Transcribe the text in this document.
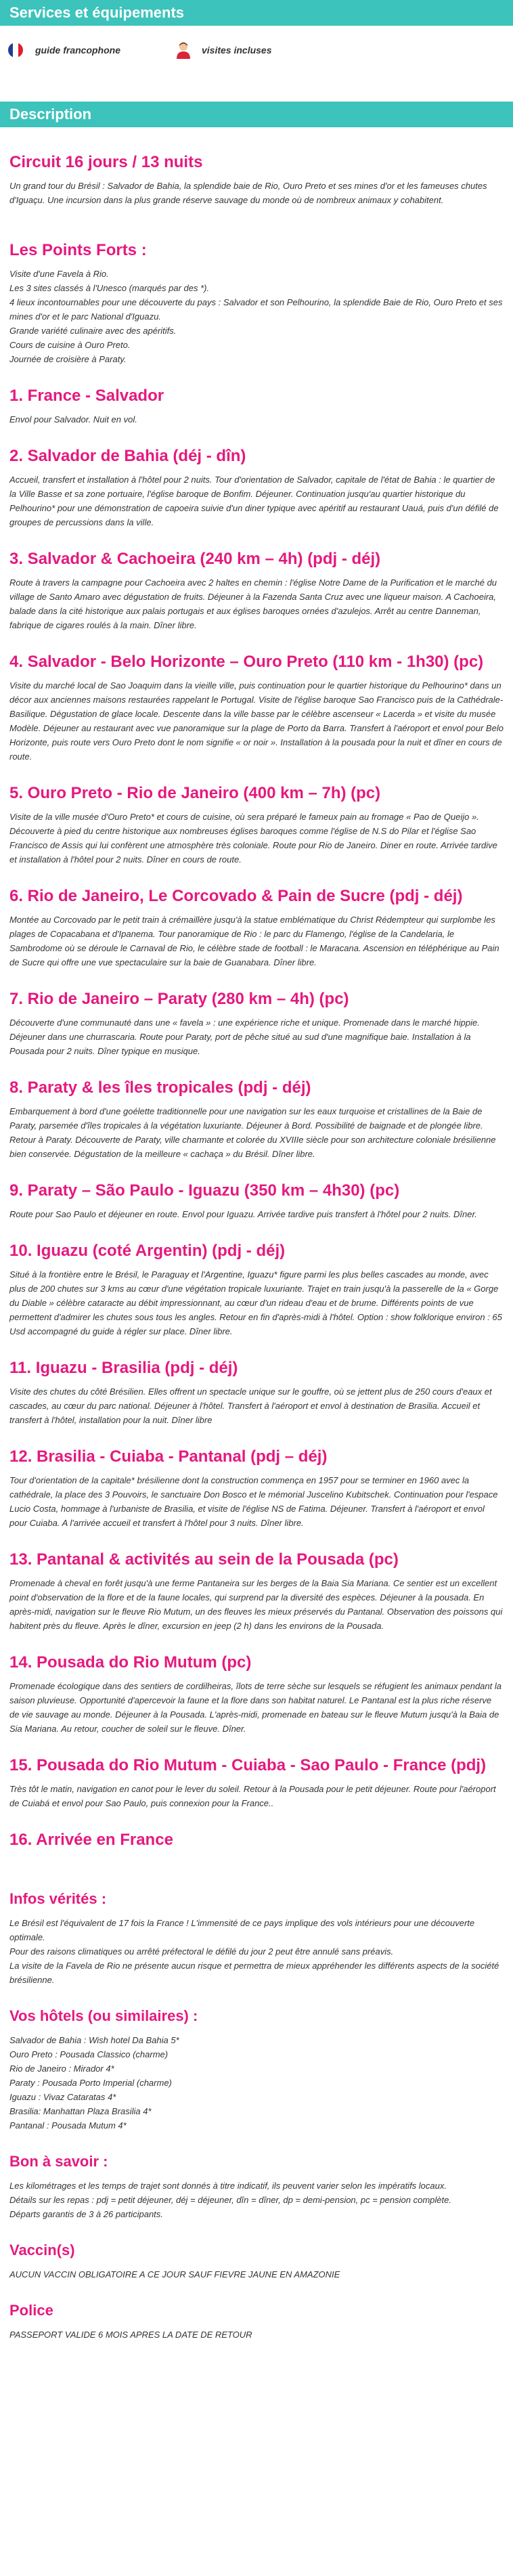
Services et équipements
guide francophone	visites incluses
Description
Circuit 16 jours / 13 nuits

Un grand tour du Brésil : Salvador de Bahia, la splendide baie de Rio, Ouro Preto et ses mines d'or et les fameuses chutes d'Iguaçu. Une incursion dans la plus grande réserve sauvage du monde où de nombreux animaux y cohabitent.

Les Points Forts :

Visite d'une Favela à Rio.
Les 3 sites classés à l'Unesco (marqués par des *).
4 lieux incontournables pour une découverte du pays : Salvador et son Pelhourino, la splendide Baie de Rio, Ouro Preto et ses mines d'or et le parc National d'Iguazu.
Grande variété culinaire avec des apéritifs.
Cours de cuisine à Ouro Preto.
Journée de croisière à Paraty.

1. France - Salvador

Envol pour Salvador. Nuit en vol.

2. Salvador de Bahia (déj - dîn)

Accueil, transfert et installation à l'hôtel pour 2 nuits. Tour d'orientation de Salvador, capitale de l'état de Bahia : le quartier de la Ville Basse et sa zone portuaire, l'église baroque de Bonfim. Déjeuner. Continuation jusqu'au quartier historique du Pelhourino* pour une démonstration de capoeira suivie d'un diner typique avec apéritif au restaurant Uauá, puis d'un défilé de groupes de percussions dans la ville.

3. Salvador & Cachoeira (240 km – 4h) (pdj - déj)

Route à travers la campagne pour Cachoeira avec 2 haltes en chemin : l'église Notre Dame de la Purification et le marché du village de Santo Amaro avec dégustation de fruits. Déjeuner à la Fazenda Santa Cruz avec une liqueur maison. A Cachoeira, balade dans la cité historique aux palais portugais et aux églises baroques ornées d'azulejos. Arrêt au centre Danneman, fabrique de cigares roulés à la main. Dîner libre.

4. Salvador - Belo Horizonte – Ouro Preto (110 km - 1h30) (pc)

Visite du marché local de Sao Joaquim dans la vieille ville, puis continuation pour le quartier historique du Pelhourino* dans un décor aux anciennes maisons restaurées rappelant le Portugal. Visite de l'église baroque Sao Francisco puis de la Cathédrale-Basilique. Dégustation de glace locale. Descente dans la ville basse par le célèbre ascenseur « Lacerda » et visite du musée Modèle. Déjeuner au restaurant avec vue panoramique sur la plage de Porto da Barra. Transfert à l'aéroport et envol pour Belo Horizonte, puis route vers Ouro Preto dont le nom signifie « or noir ». Installation à la pousada pour la nuit et dîner en cours de route.

5. Ouro Preto - Rio de Janeiro (400 km – 7h) (pc)

Visite de la ville musée d'Ouro Preto* et cours de cuisine, où sera préparé le fameux pain au fromage « Pao de Queijo ». Découverte à pied du centre historique aux nombreuses églises baroques comme l'église de N.S do Pilar et l'église Sao Francisco de Assis qui lui confèrent une atmosphère très coloniale. Route pour Rio de Janeiro. Diner en route. Arrivée tardive et installation à l'hôtel pour 2 nuits. Dîner en cours de route.

6. Rio de Janeiro, Le Corcovado & Pain de Sucre (pdj - déj)

Montée au Corcovado par le petit train à crémaillère jusqu'à la statue emblématique du Christ Rédempteur qui surplombe les plages de Copacabana et d'Ipanema. Tour panoramique de Rio : le parc du Flamengo, l'église de la Candelaria, le Sambrodome où se déroule le Carnaval de Rio, le célèbre stade de football : le Maracana. Ascension en téléphérique au Pain de Sucre qui offre une vue spectaculaire sur la baie de Guanabara. Dîner libre.

7. Rio de Janeiro – Paraty (280 km – 4h) (pc)

Découverte d'une communauté dans une « favela » : une expérience riche et unique. Promenade dans le marché hippie. Déjeuner dans une churrascaria. Route pour Paraty, port de pêche situé au sud d'une magnifique baie. Installation à la Pousada pour 2 nuits. Dîner typique en musique.

8. Paraty & les îles tropicales (pdj - déj)

Embarquement à bord d'une goélette traditionnelle pour une navigation sur les eaux turquoise et cristallines de la Baie de Paraty, parsemée d'îles tropicales à la végétation luxuriante. Déjeuner à Bord. Possibilité de baignade et de plongée libre. Retour à Paraty. Découverte de Paraty, ville charmante et colorée du XVIIIe siècle pour son architecture coloniale brésilienne bien conservée. Dégustation de la meilleure « cachaça » du Brésil. Dîner libre.

9. Paraty – São Paulo - Iguazu (350 km – 4h30) (pc)

Route pour Sao Paulo et déjeuner en route. Envol pour Iguazu. Arrivée tardive puis transfert à l'hôtel pour 2 nuits. Dîner.

10. Iguazu (coté Argentin) (pdj - déj)

Situé à la frontière entre le Brésil, le Paraguay et l'Argentine, Iguazu* figure parmi les plus belles cascades au monde, avec plus de 200 chutes sur 3 kms au cœur d'une végétation tropicale luxuriante. Trajet en train jusqu'à la passerelle de la « Gorge du Diable » célèbre cataracte au débit impressionnant, au cœur d'un rideau d'eau et de brume. Différents points de vue permettent d'admirer les chutes sous tous les angles. Retour en fin d'après-midi à l'hôtel. Option : show folklorique environ : 65 Usd accompagné du guide à régler sur place. Dîner libre.

11. Iguazu - Brasilia (pdj - déj)

Visite des chutes du côté Brésilien. Elles offrent un spectacle unique sur le gouffre, où se jettent plus de 250 cours d'eaux et cascades, au cœur du parc national. Déjeuner à l'hôtel. Transfert à l'aéroport et envol à destination de Brasilia. Accueil et transfert à l'hôtel, installation pour la nuit. Dîner libre

12. Brasilia - Cuiaba - Pantanal (pdj – déj)

Tour d'orientation de la capitale* brésilienne dont la construction commença en 1957 pour se terminer en 1960 avec la cathédrale, la place des 3 Pouvoirs, le sanctuaire Don Bosco et le mémorial Juscelino Kubitschek. Continuation pour l'espace Lucio Costa, hommage à l'urbaniste de Brasilia, et visite de l'église NS de Fatima. Déjeuner. Transfert à l'aéroport et envol pour Cuiaba. A l'arrivée accueil et transfert à l'hôtel pour 3 nuits. Dîner libre.

13. Pantanal & activités au sein de la Pousada (pc)

Promenade à cheval en forêt jusqu'à une ferme Pantaneira sur les berges de la Baia Sia Mariana. Ce sentier est un excellent point d'observation de la flore et de la faune locales, qui surprend par la diversité des espèces. Déjeuner à la pousada. En après-midi, navigation sur le fleuve Rio Mutum, un des fleuves les mieux préservés du Pantanal. Observation des poissons qui habitent près du fleuve. Après le dîner, excursion en jeep (2 h) dans les environs de la Pousada.

14. Pousada do Rio Mutum (pc)

Promenade écologique dans des sentiers de cordilheiras, îlots de terre sèche sur lesquels se réfugient les animaux pendant la saison pluvieuse. Opportunité d'apercevoir la faune et la flore dans son habitat naturel. Le Pantanal est la plus riche réserve de vie sauvage au monde. Déjeuner à la Pousada. L'après-midi, promenade en bateau sur le fleuve Mutum jusqu'à la Baia de Sia Mariana. Au retour, coucher de soleil sur le fleuve. Dîner.

15. Pousada do Rio Mutum - Cuiaba - Sao Paulo - France (pdj)

Très tôt le matin, navigation en canot pour le lever du soleil. Retour à la Pousada pour le petit déjeuner. Route pour l'aéroport de Cuiabá et envol pour Sao Paulo, puis connexion pour la France..

16. Arrivée en France

Infos vérités :

Le Brésil est l'équivalent de 17 fois la France ! L'immensité de ce pays implique des vols intérieurs pour une découverte optimale.
Pour des raisons climatiques ou arrêté préfectoral le défilé du jour 2 peut être annulé sans préavis.
La visite de la Favela de Rio ne présente aucun risque et permettra de mieux appréhender les différents aspects de la société brésilienne.

Vos hôtels (ou similaires) :

Salvador de Bahia : Wish hotel Da Bahia 5*
Ouro Preto : Pousada Classico (charme)
Rio de Janeiro : Mirador 4*
Paraty : Pousada Porto Imperial (charme)
Iguazu : Vivaz Cataratas 4*
Brasilia: Manhattan Plaza Brasilia 4*
Pantanal : Pousada Mutum 4*

Bon à savoir :

Les kilométrages et les temps de trajet sont donnés à titre indicatif, ils peuvent varier selon les impératifs locaux.
Détails sur les repas : pdj = petit déjeuner, déj = déjeuner, dîn = dîner, dp = demi-pension, pc = pension complète.
Départs garantis de 3 à 26 participants.

Vaccin(s)

AUCUN VACCIN OBLIGATOIRE A CE JOUR SAUF FIEVRE JAUNE EN AMAZONIE

Police

PASSEPORT VALIDE 6 MOIS APRES LA DATE DE RETOUR
